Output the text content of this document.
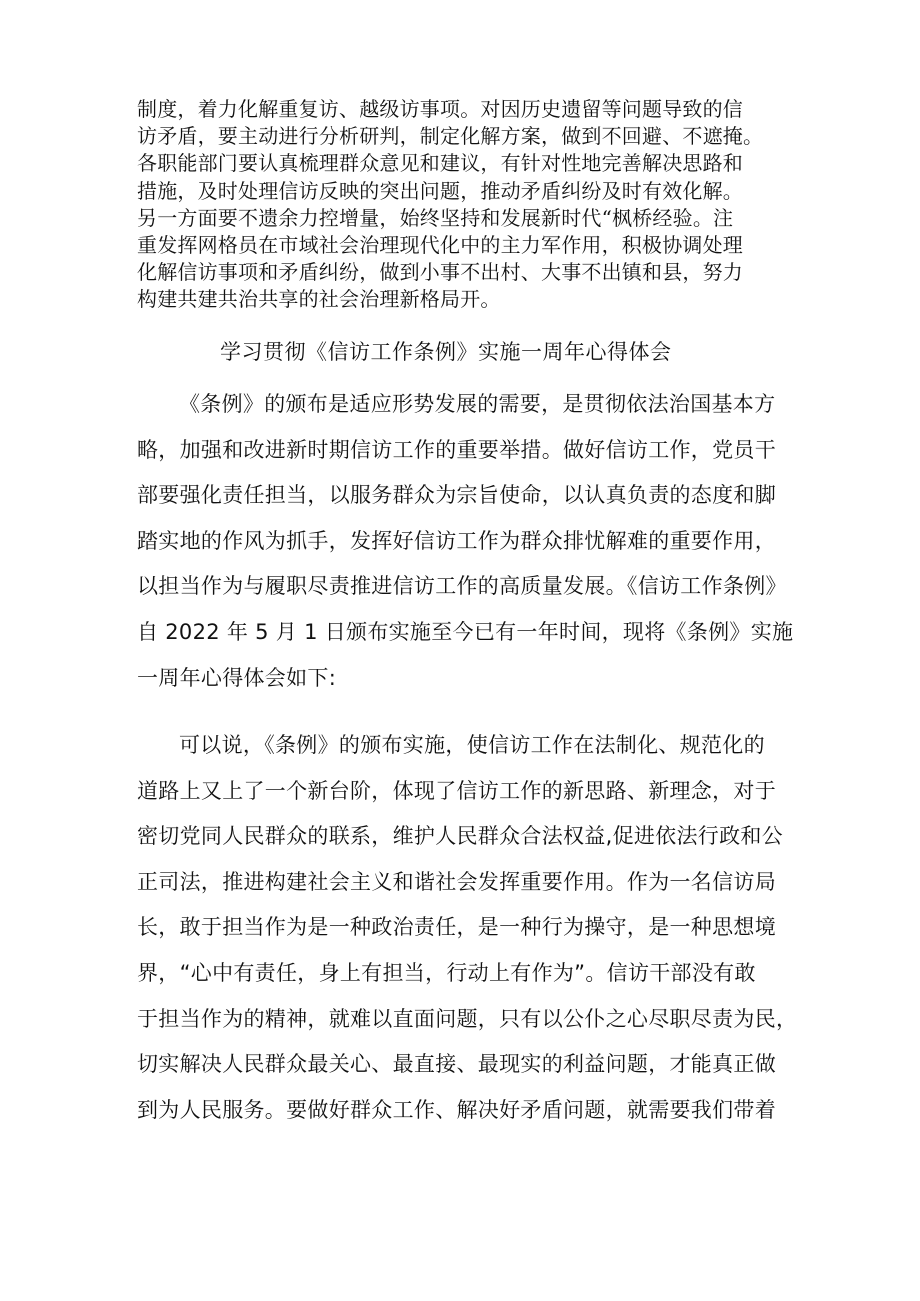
制度，着力化解重复访、越级访事项。对因历史遗留等问题导致的信
访矛盾，要主动进行分析研判，制定化解方案，做到不回避、不遮掩。
各职能部门要认真梳理群众意见和建议，有针对性地完善解决思路和
措施，及时处理信访反映的突出问题，推动矛盾纠纷及时有效化解。
另一方面要不遗余力控增量，始终坚持和发展新时代“枫桥经验。注
重发挥网格员在市域社会治理现代化中的主力军作用，积极协调处理
化解信访事项和矛盾纠纷，做到小事不出村、大事不出镇和县，努力
构建共建共治共享的社会治理新格局开。
学习贯彻《信访工作条例》实施一周年心得体会
《条例》的颁布是适应形势发展的需要，是贯彻依法治国基本方
略，加强和改进新时期信访工作的重要举措。做好信访工作，党员干
部要强化责任担当，以服务群众为宗旨使命，以认真负责的态度和脚
踏实地的作风为抓手，发挥好信访工作为群众排忧解难的重要作用，
以担当作为与履职尽责推进信访工作的高质量发展。《信访工作条例》
自 2022 年 5 月 1 日颁布实施至今已有一年时间，现将《条例》实施
一周年心得体会如下:
可以说，《条例》的颁布实施，使信访工作在法制化、规范化的
道路上又上了一个新台阶，体现了信访工作的新思路、新理念，对于
密切党同人民群众的联系，维护人民群众合法权益,促进依法行政和公
正司法，推进构建社会主义和谐社会发挥重要作用。作为一名信访局
长，敢于担当作为是一种政治责任，是一种行为操守，是一种思想境
界，“心中有责任，身上有担当，行动上有作为”。信访干部没有敢
于担当作为的精神，就难以直面问题，只有以公仆之心尽职尽责为民，
切实解决人民群众最关心、最直接、最现实的利益问题，才能真正做
到为人民服务。要做好群众工作、解决好矛盾问题，就需要我们带着
